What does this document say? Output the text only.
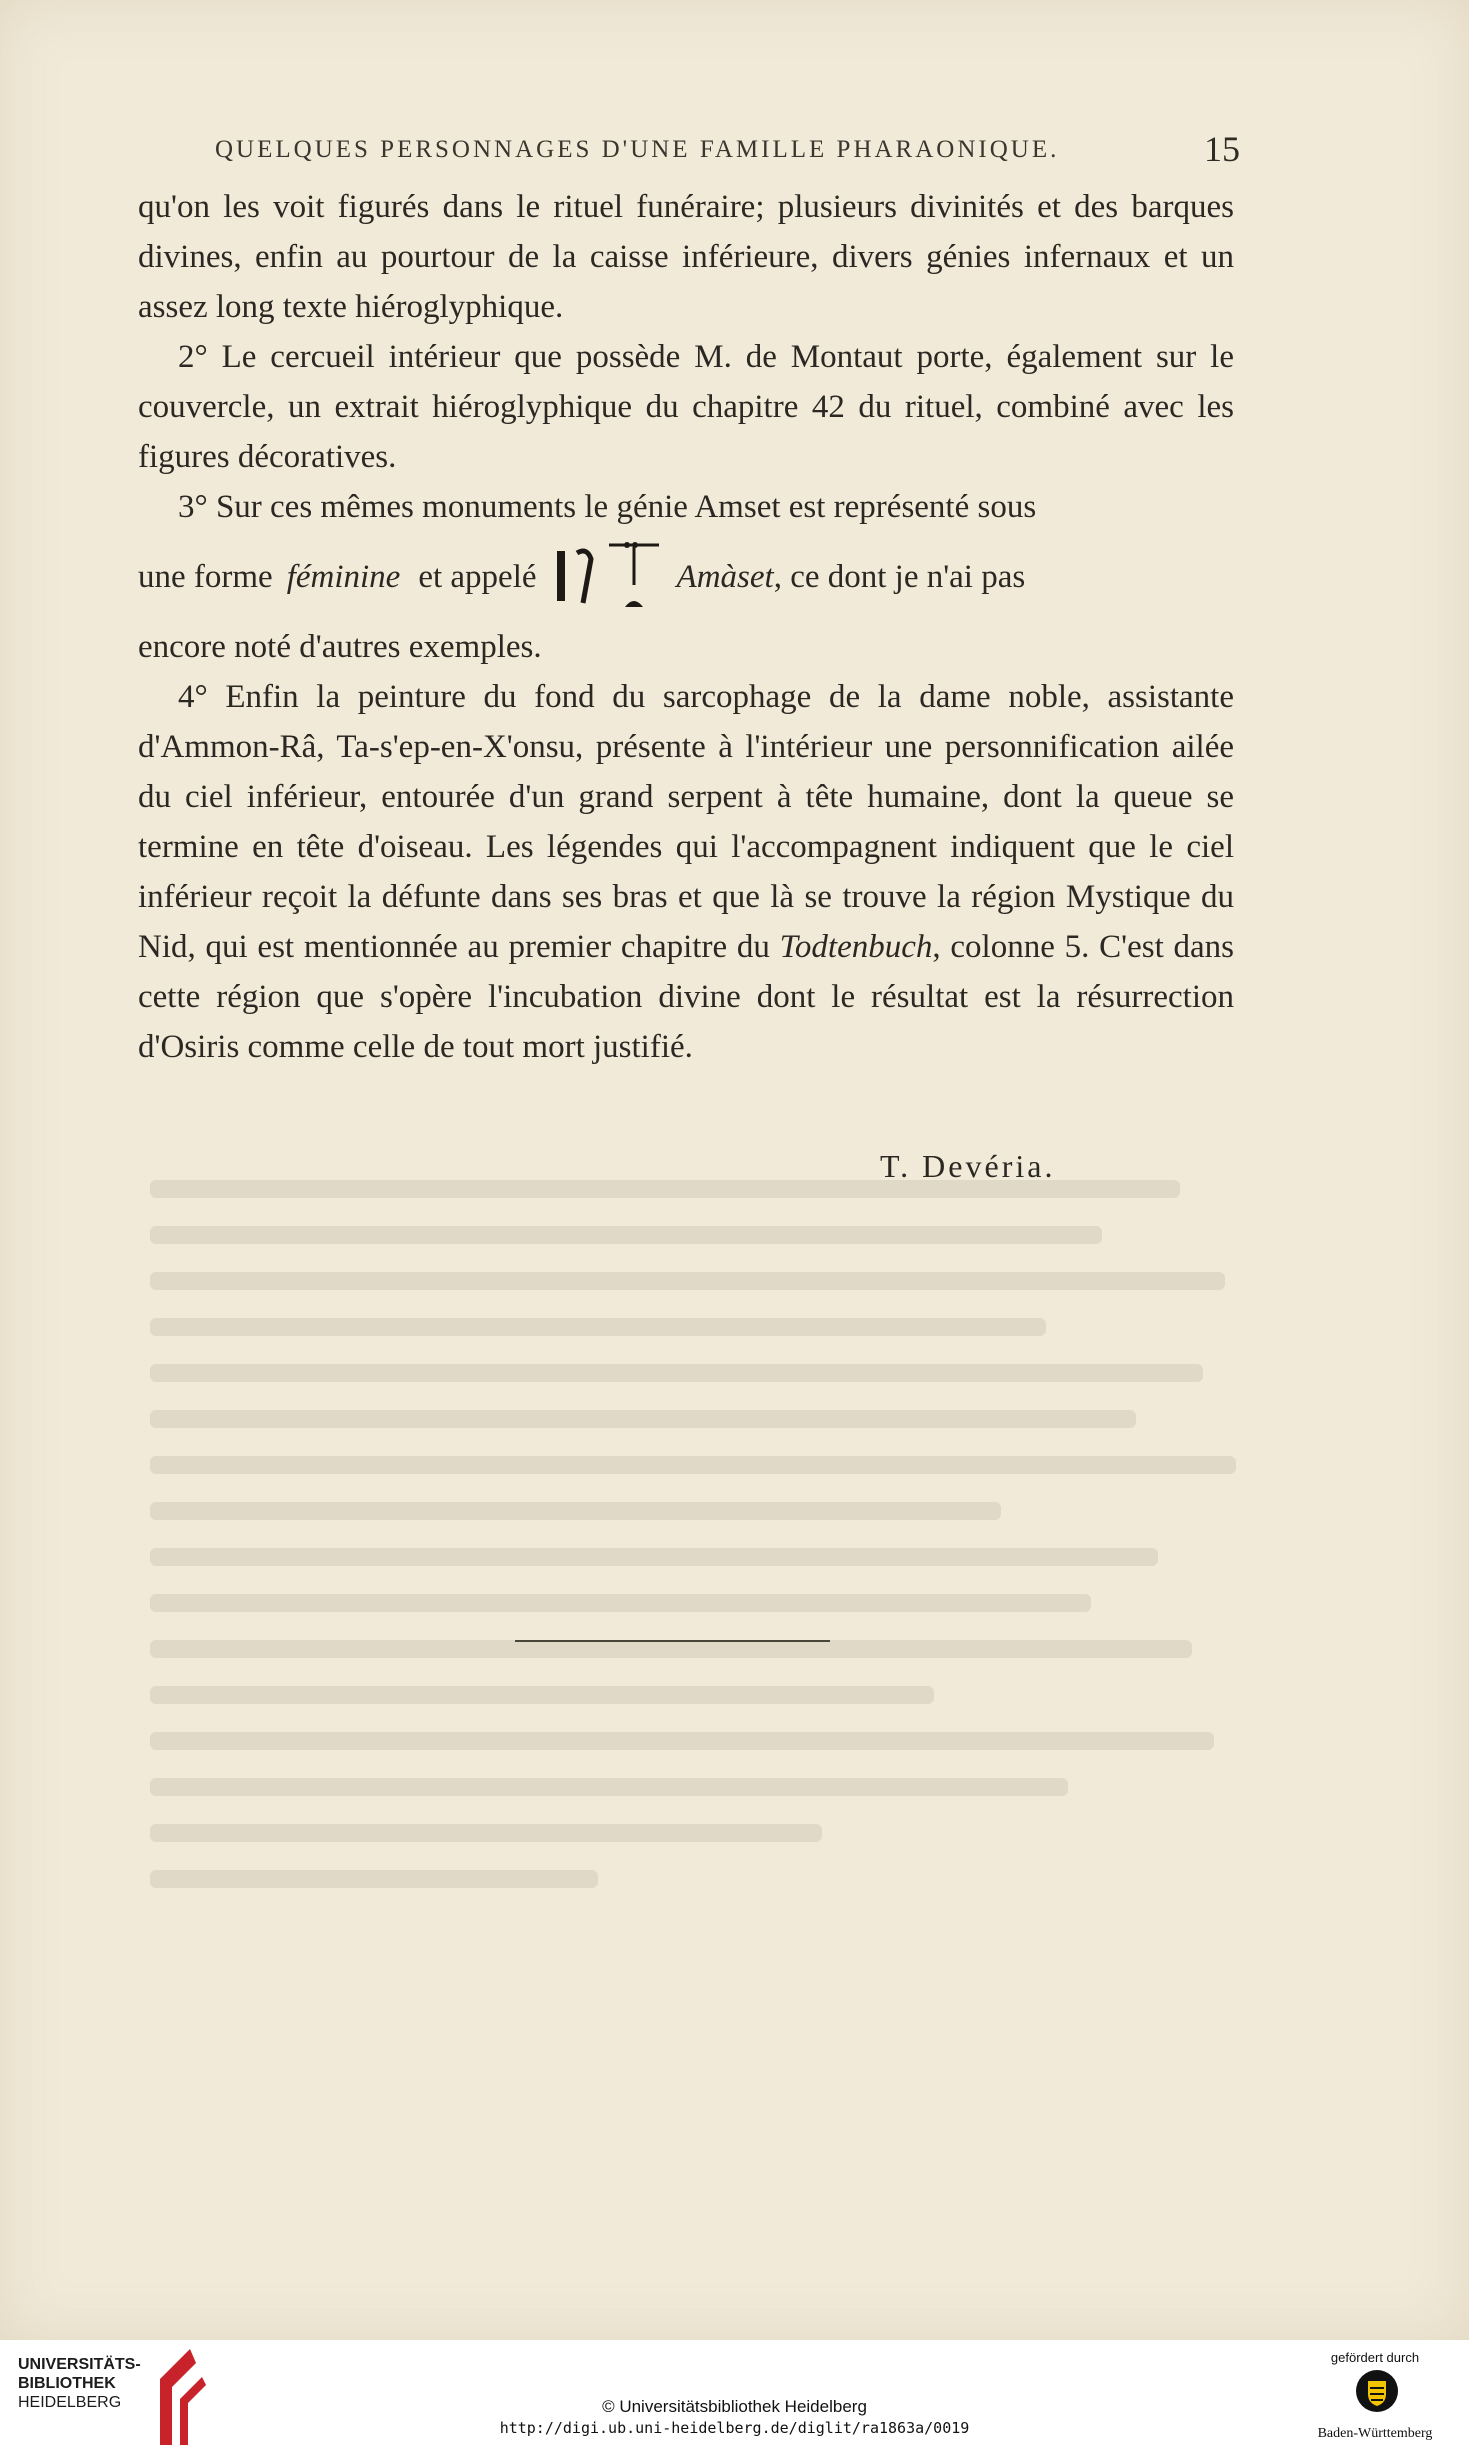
QUELQUES PERSONNAGES D'UNE FAMILLE PHARAONIQUE.	15

qu'on les voit figurés dans le rituel funéraire; plusieurs divinités et des barques divines, enfin au pourtour de la caisse inférieure, divers génies infernaux et un assez long texte hiéroglyphique.

2° Le cercueil intérieur que possède M. de Montaut porte, également sur le couvercle, un extrait hiéroglyphique du chapitre 42 du rituel, combiné avec les figures décoratives.

3° Sur ces mêmes monuments le génie Amset est représenté sous

une forme féminine et appelé	Amàset , ce dont je n'ai pas

encore noté d'autres exemples.

4° Enfin la peinture du fond du sarcophage de la dame noble, assistante d'Ammon-Râ, Ta-s'ep-en-X'onsu, présente à l'intérieur une personnification ailée du ciel inférieur, entourée d'un grand serpent à tête humaine, dont la queue se termine en tête d'oiseau. Les légendes qui l'accompagnent indiquent que le ciel inférieur reçoit la défunte dans ses bras et que là se trouve la région Mystique du Nid, qui est mentionnée au premier chapitre du Todtenbuch, colonne 5. C'est dans cette région que s'opère l'incubation divine dont le résultat est la résurrection d'Osiris comme celle de tout mort justifié.

T. Devéria.
UNIVERSITÄTS-
BIBLIOTHEK
HEIDELBERG	© Universitätsbibliothek Heidelberg
http://digi.ub.uni-heidelberg.de/diglit/ra1863a/0019
gefördert durch
Baden-Württemberg
